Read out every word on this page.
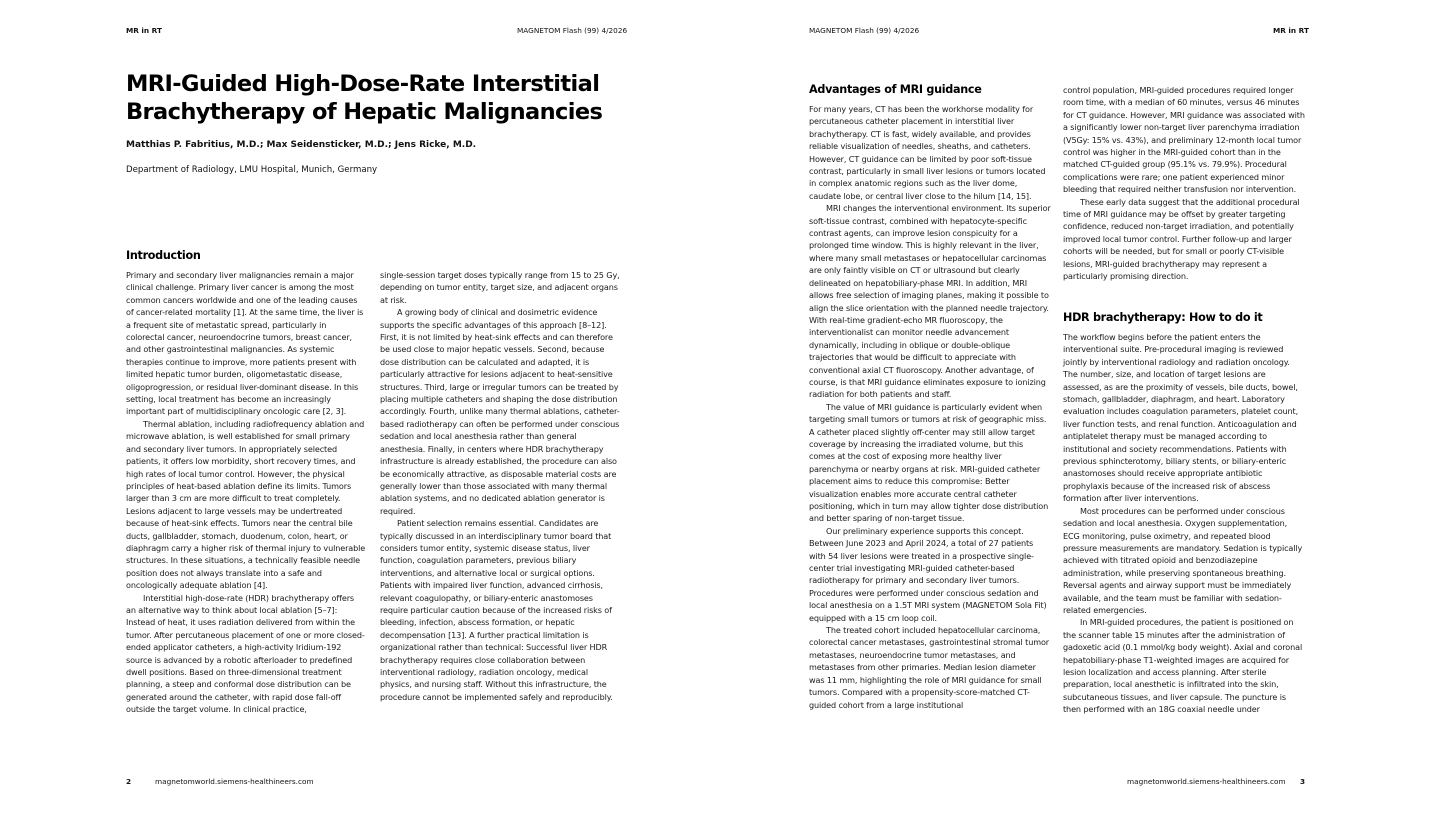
MR in RT	MAGNETOM Flash (99) 4/2026
MRI-Guided High-Dose-Rate Interstitial Brachytherapy of Hepatic Malignancies
Matthias P. Fabritius, M.D.; Max Seidensticker, M.D.; Jens Ricke, M.D.
Department of Radiology, LMU Hospital, Munich, Germany
Introduction

Primary and secondary liver malignancies remain a major clinical challenge. Primary liver cancer is among the most common cancers worldwide and one of the leading causes of cancer-related mortality [1]. At the same time, the liver is a frequent site of metastatic spread, particularly in colorectal cancer, neuroendocrine tumors, breast cancer, and other gastrointestinal malignancies. As systemic therapies continue to improve, more patients present with limited hepatic tumor burden, oligometastatic disease, oligoprogression, or residual liver-dominant disease. In this setting, local treatment has become an increasingly important part of multidisciplinary oncologic care [2, 3].

Thermal ablation, including radiofrequency ablation and microwave ablation, is well established for small primary and secondary liver tumors. In appropriately selected patients, it offers low morbidity, short recovery times, and high rates of local tumor control. However, the physical principles of heat-based ablation define its limits. Tumors larger than 3 cm are more difficult to treat completely. Lesions adjacent to large vessels may be undertreated because of heat-sink effects. Tumors near the central bile ducts, gallbladder, stomach, duodenum, colon, heart, or diaphragm carry a higher risk of thermal injury to vulnerable structures. In these situations, a technically feasible needle position does not always translate into a safe and oncologically adequate ablation [4].

Interstitial high-dose-rate (HDR) brachytherapy offers an alternative way to think about local ablation [5–7]: Instead of heat, it uses radiation delivered from within the tumor. After percutaneous placement of one or more closed-ended applicator catheters, a high-activity Iridium-192 source is advanced by a robotic afterloader to predefined dwell positions. Based on three-dimensional treatment planning, a steep and conformal dose distribution can be generated around the catheter, with rapid dose fall-off outside the target volume. In clinical practice,

single-session target doses typically range from 15 to 25 Gy, depending on tumor entity, target size, and adjacent organs at risk.

A growing body of clinical and dosimetric evidence supports the specific advantages of this approach [8–12]. First, it is not limited by heat-sink effects and can therefore be used close to major hepatic vessels. Second, because dose distribution can be calculated and adapted, it is particularly attractive for lesions adjacent to heat-sensitive structures. Third, large or irregular tumors can be treated by placing multiple catheters and shaping the dose distribution accordingly. Fourth, unlike many thermal ablations, catheter-based radiotherapy can often be performed under conscious sedation and local anesthesia rather than general anesthesia. Finally, in centers where HDR brachytherapy infrastructure is already established, the procedure can also be economically attractive, as disposable material costs are generally lower than those associated with many thermal ablation systems, and no dedicated ablation generator is required.

Patient selection remains essential. Candidates are typically discussed in an interdisciplinary tumor board that considers tumor entity, systemic disease status, liver function, coagulation parameters, previous biliary interventions, and alternative local or surgical options. Patients with impaired liver function, advanced cirrhosis, relevant coagulopathy, or biliary-enteric anastomoses require particular caution because of the increased risks of bleeding, infection, abscess formation, or hepatic decompensation [13]. A further practical limitation is organizational rather than technical: Successful liver HDR brachytherapy requires close collaboration between interventional radiology, radiation oncology, medical physics, and nursing staff. Without this infrastructure, the procedure cannot be implemented safely and reproducibly.

2	magnetomworld.siemens-healthineers.com
MAGNETOM Flash (99) 4/2026	MR in RT
Advantages of MRI guidance

For many years, CT has been the workhorse modality for percutaneous catheter placement in interstitial liver brachytherapy. CT is fast, widely available, and provides reliable visualization of needles, sheaths, and catheters. However, CT guidance can be limited by poor soft-tissue contrast, particularly in small liver lesions or tumors located in complex anatomic regions such as the liver dome, caudate lobe, or central liver close to the hilum [14, 15].

MRI changes the interventional environment. Its superior soft-tissue contrast, combined with hepatocyte-specific contrast agents, can improve lesion conspicuity for a prolonged time window. This is highly relevant in the liver, where many small metastases or hepatocellular carcinomas are only faintly visible on CT or ultrasound but clearly delineated on hepatobiliary-phase MRI. In addition, MRI allows free selection of imaging planes, making it possible to align the slice orientation with the planned needle trajectory. With real-time gradient-echo MR fluoroscopy, the interventionalist can monitor needle advancement dynamically, including in oblique or double-oblique trajectories that would be difficult to appreciate with conventional axial CT fluoroscopy. Another advantage, of course, is that MRI guidance eliminates exposure to ionizing radiation for both patients and staff.

The value of MRI guidance is particularly evident when targeting small tumors or tumors at risk of geographic miss. A catheter placed slightly off-center may still allow target coverage by increasing the irradiated volume, but this comes at the cost of exposing more healthy liver parenchyma or nearby organs at risk. MRI-guided catheter placement aims to reduce this compromise: Better visualization enables more accurate central catheter positioning, which in turn may allow tighter dose distribution and better sparing of non-target tissue.

Our preliminary experience supports this concept. Between June 2023 and April 2024, a total of 27 patients with 54 liver lesions were treated in a prospective single-center trial investigating MRI-guided catheter-based radiotherapy for primary and secondary liver tumors. Procedures were performed under conscious sedation and local anesthesia on a 1.5T MRI system (MAGNETOM Sola Fit) equipped with a 15 cm loop coil.

The treated cohort included hepatocellular carcinoma, colorectal cancer metastases, gastrointestinal stromal tumor metastases, neuroendocrine tumor metastases, and metastases from other primaries. Median lesion diameter was 11 mm, highlighting the role of MRI guidance for small tumors. Compared with a propensity-score-matched CT-guided cohort from a large institutional

control population, MRI-guided procedures required longer room time, with a median of 60 minutes, versus 46 minutes for CT guidance. However, MRI guidance was associated with a significantly lower non-target liver parenchyma irradiation (V5Gy: 15% vs. 43%), and preliminary 12-month local tumor control was higher in the MRI-guided cohort than in the matched CT-guided group (95.1% vs. 79.9%). Procedural complications were rare; one patient experienced minor bleeding that required neither transfusion nor intervention.

These early data suggest that the additional procedural time of MRI guidance may be offset by greater targeting confidence, reduced non-target irradiation, and potentially improved local tumor control. Further follow-up and larger cohorts will be needed, but for small or poorly CT-visible lesions, MRI-guided brachytherapy may represent a particularly promising direction.

HDR brachytherapy: How to do it

The workflow begins before the patient enters the interventional suite. Pre-procedural imaging is reviewed jointly by interventional radiology and radiation oncology. The number, size, and location of target lesions are assessed, as are the proximity of vessels, bile ducts, bowel, stomach, gallbladder, diaphragm, and heart. Laboratory evaluation includes coagulation parameters, platelet count, liver function tests, and renal function. Anticoagulation and antiplatelet therapy must be managed according to institutional and society recommendations. Patients with previous sphincterotomy, biliary stents, or biliary-enteric anastomoses should receive appropriate antibiotic prophylaxis because of the increased risk of abscess formation after liver interventions.

Most procedures can be performed under conscious sedation and local anesthesia. Oxygen supplementation, ECG monitoring, pulse oximetry, and repeated blood pressure measurements are mandatory. Sedation is typically achieved with titrated opioid and benzodiazepine administration, while preserving spontaneous breathing. Reversal agents and airway support must be immediately available, and the team must be familiar with sedation-related emergencies.

In MRI-guided procedures, the patient is positioned on the scanner table 15 minutes after the administration of gadoxetic acid (0.1 mmol/kg body weight). Axial and coronal hepatobiliary-phase T1-weighted images are acquired for lesion localization and access planning. After sterile preparation, local anesthetic is infiltrated into the skin, subcutaneous tissues, and liver capsule. The puncture is then performed with an 18G coaxial needle under

magnetomworld.siemens-healthineers.com 3
